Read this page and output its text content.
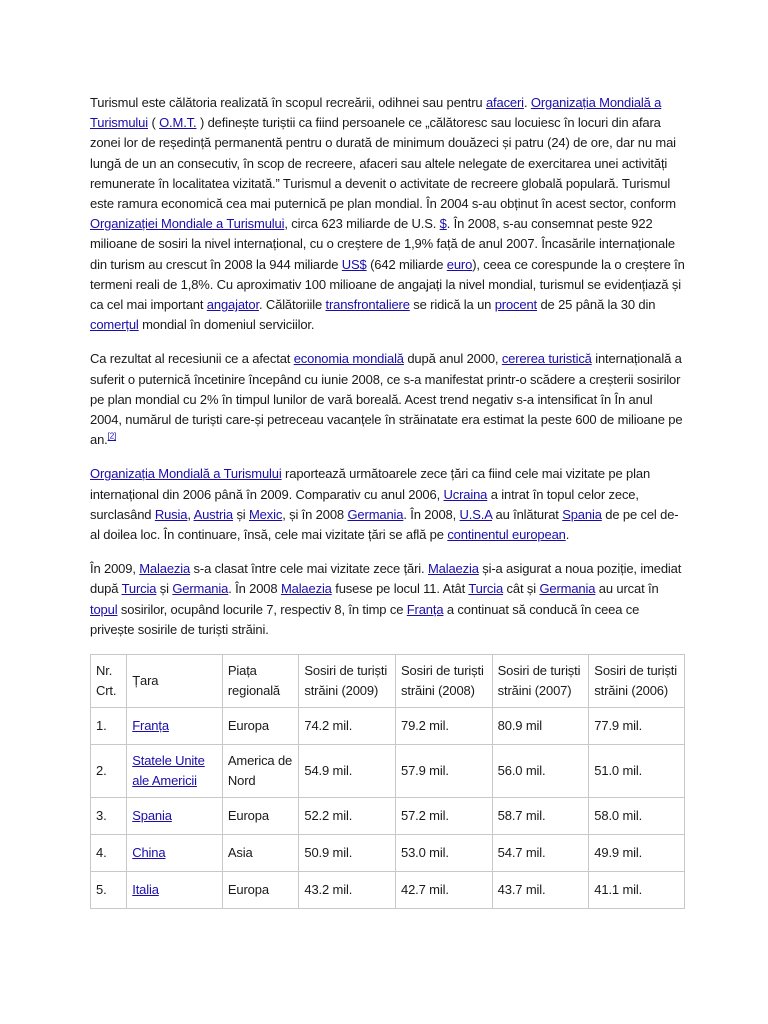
Turismul este călătoria realizată în scopul recreării, odihnei sau pentru afaceri. Organizația Mondială a Turismului ( O.M.T. ) definește turiștii ca fiind persoanele ce „călătoresc sau locuiesc în locuri din afara zonei lor de reședință permanentă pentru o durată de minimum douăzeci și patru (24) de ore, dar nu mai lungă de un an consecutiv, în scop de recreere, afaceri sau altele nelegate de exercitarea unei activități remunerate în localitatea vizitată.” Turismul a devenit o activitate de recreere globală populară. Turismul este ramura economică cea mai puternică pe plan mondial. În 2004 s-au obținut în acest sector, conform Organizației Mondiale a Turismului, circa 623 miliarde de U.S. $. În 2008, s-au consemnat peste 922 milioane de sosiri la nivel internațional, cu o creștere de 1,9% față de anul 2007. Încasările internaționale din turism au crescut în 2008 la 944 miliarde US$ (642 miliarde euro), ceea ce corespunde la o creștere în termeni reali de 1,8%. Cu aproximativ 100 milioane de angajați la nivel mondial, turismul se evidențiază și ca cel mai important angajator. Călătoriile transfrontaliere se ridică la un procent de 25 până la 30 din comerțul mondial în domeniul serviciilor.

Ca rezultat al recesiunii ce a afectat economia mondială după anul 2000, cererea turistică internațională a suferit o puternică încetinire începând cu iunie 2008, ce s-a manifestat printr-o scădere a creșterii sosirilor pe plan mondial cu 2% în timpul lunilor de vară boreală. Acest trend negativ s-a intensificat în În anul 2004, numărul de turiști care-și petreceau vacanțele în străinatate era estimat la peste 600 de milioane pe an.[2]

Organizația Mondială a Turismului raportează următoarele zece țări ca fiind cele mai vizitate pe plan internațional din 2006 până în 2009. Comparativ cu anul 2006, Ucraina a intrat în topul celor zece, surclasând Rusia, Austria și Mexic, și în 2008 Germania. În 2008, U.S.A au înlăturat Spania de pe cel de-al doilea loc. În continuare, însă, cele mai vizitate țări se află pe continentul european.

În 2009, Malaezia s-a clasat între cele mai vizitate zece țări. Malaezia și-a asigurat a noua poziție, imediat după Turcia și Germania. În 2008 Malaezia fusese pe locul 11. Atât Turcia cât și Germania au urcat în topul sosirilor, ocupând locurile 7, respectiv 8, în timp ce Franța a continuat să conducă în ceea ce privește sosirile de turiști străini.

Nr. Crt.	Țara	Piața regională	Sosiri de turiști străini (2009)	Sosiri de turiști străini (2008)	Sosiri de turiști străini (2007)	Sosiri de turiști străini (2006)
1.	Franța	Europa	74.2 mil.	79.2 mil.	80.9 mil	77.9 mil.
2.	Statele Unite ale Americii	America de Nord	54.9 mil.	57.9 mil.	56.0 mil.	51.0 mil.
3.	Spania	Europa	52.2 mil.	57.2 mil.	58.7 mil.	58.0 mil.
4.	China	Asia	50.9 mil.	53.0 mil.	54.7 mil.	49.9 mil.
5.	Italia	Europa	43.2 mil.	42.7 mil.	43.7 mil.	41.1 mil.
